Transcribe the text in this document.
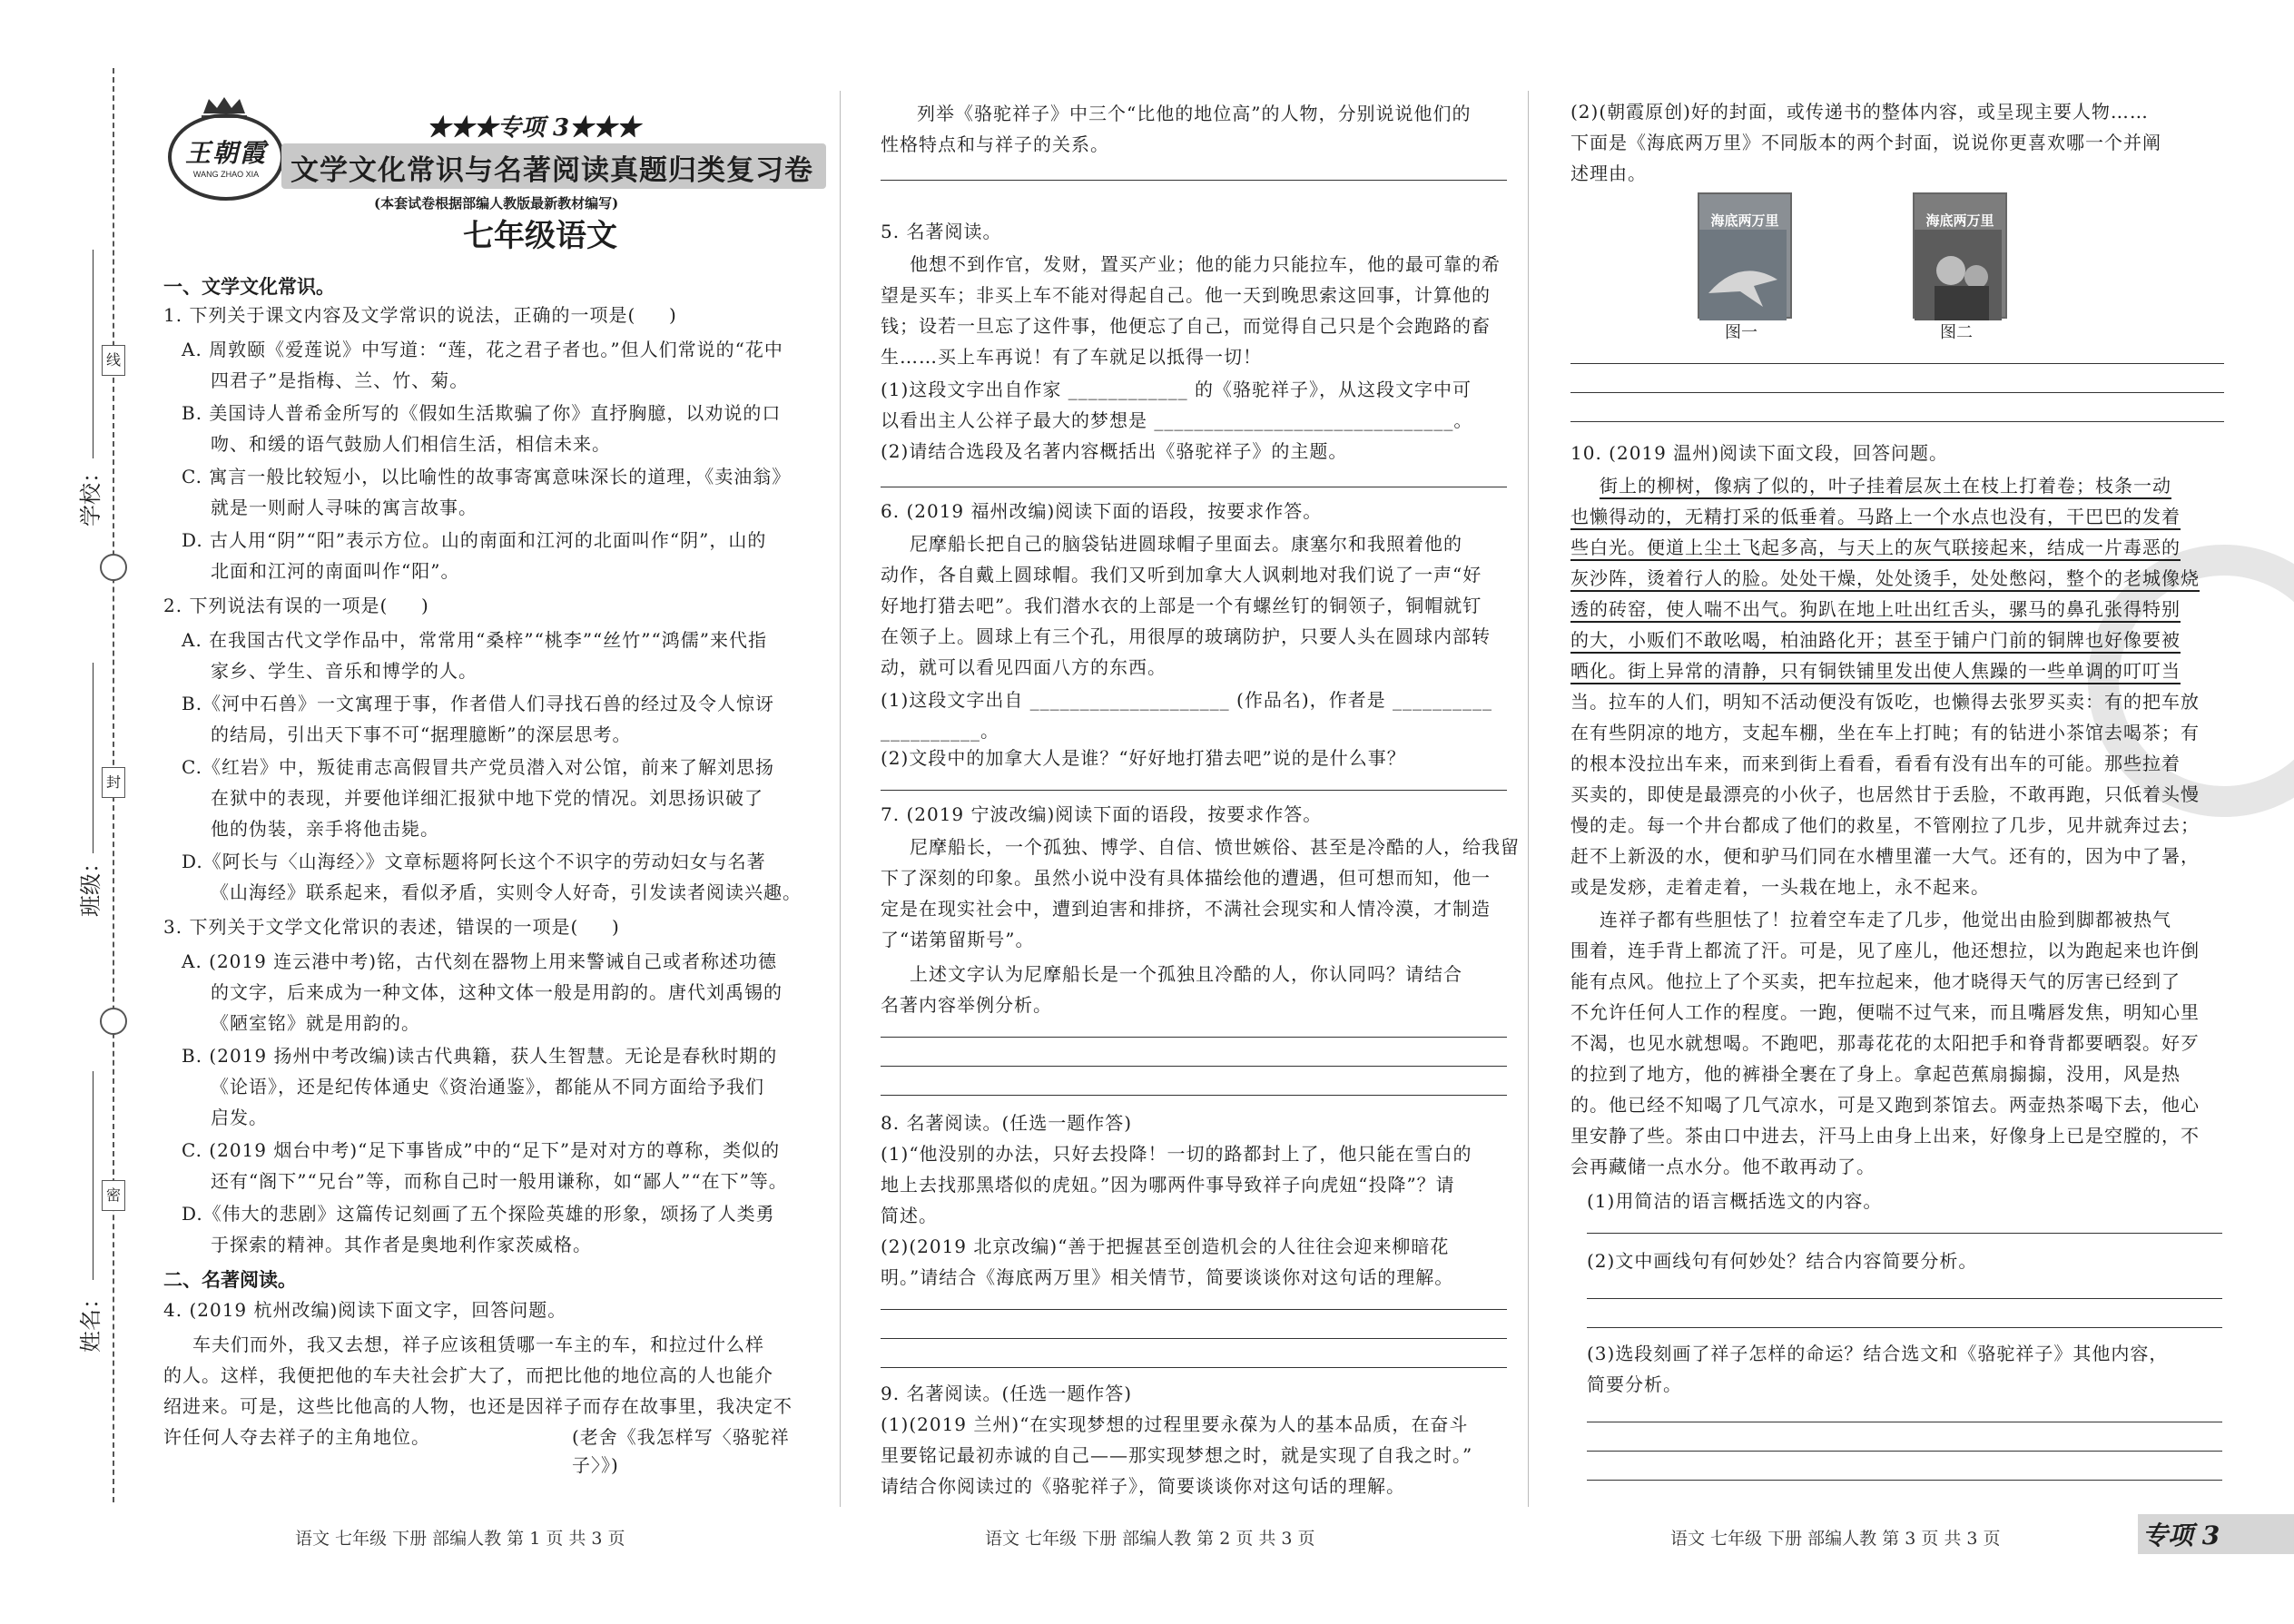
线
封
密
学校：
班级：
姓名：
王朝霞
WANG ZHAO XIA
★★★专项 3★★★
文学文化常识与名著阅读真题归类复习卷
(本套试卷根据部编人教版最新教材编写)
七年级语文
一、文学文化常识。
1. 下列关于课文内容及文学常识的说法，正确的一项是(     )
A. 周敦颐《爱莲说》中写道：“莲，花之君子者也。”但人们常说的“花中
四君子”是指梅、兰、竹、菊。
B. 美国诗人普希金所写的《假如生活欺骗了你》直抒胸臆，以劝说的口
吻、和缓的语气鼓励人们相信生活，相信未来。
C. 寓言一般比较短小，以比喻性的故事寄寓意味深长的道理，《卖油翁》
就是一则耐人寻味的寓言故事。
D. 古人用“阴”“阳”表示方位。山的南面和江河的北面叫作“阴”，山的
北面和江河的南面叫作“阳”。
2. 下列说法有误的一项是(     )
A. 在我国古代文学作品中，常常用“桑梓”“桃李”“丝竹”“鸿儒”来代指
家乡、学生、音乐和博学的人。
B.《河中石兽》一文寓理于事，作者借人们寻找石兽的经过及令人惊讶
的结局，引出天下事不可“据理臆断”的深层思考。
C.《红岩》中，叛徒甫志高假冒共产党员潜入对公馆，前来了解刘思扬
在狱中的表现，并要他详细汇报狱中地下党的情况。刘思扬识破了
他的伪装，亲手将他击毙。
D.《阿长与〈山海经〉》文章标题将阿长这个不识字的劳动妇女与名著
《山海经》联系起来，看似矛盾，实则令人好奇，引发读者阅读兴趣。
3. 下列关于文学文化常识的表述，错误的一项是(     )
A. (2019 连云港中考)铭，古代刻在器物上用来警诫自己或者称述功德
的文字，后来成为一种文体，这种文体一般是用韵的。唐代刘禹锡的
《陋室铭》就是用韵的。
B. (2019 扬州中考改编)读古代典籍，获人生智慧。无论是春秋时期的
《论语》，还是纪传体通史《资治通鉴》，都能从不同方面给予我们
启发。
C. (2019 烟台中考)“足下事皆成”中的“足下”是对对方的尊称，类似的
还有“阁下”“兄台”等，而称自己时一般用谦称，如“鄙人”“在下”等。
D.《伟大的悲剧》这篇传记刻画了五个探险英雄的形象，颂扬了人类勇
于探索的精神。其作者是奥地利作家茨威格。
二、名著阅读。
4. (2019 杭州改编)阅读下面文字，回答问题。
车夫们而外，我又去想，祥子应该租赁哪一车主的车，和拉过什么样
的人。这样，我便把他的车夫社会扩大了，而把比他的地位高的人也能介
绍进来。可是，这些比他高的人物，也还是因祥子而存在故事里，我决定不
许任何人夺去祥子的主角地位。	(老舍《我怎样写〈骆驼祥子〉》)
语文 七年级 下册 部编人教 第 1 页 共 3 页
列举《骆驼祥子》中三个“比他的地位高”的人物，分别说说他们的
性格特点和与祥子的关系。
5. 名著阅读。
他想不到作官，发财，置买产业；他的能力只能拉车，他的最可靠的希
望是买车；非买上车不能对得起自己。他一天到晚思索这回事，计算他的
钱；设若一旦忘了这件事，他便忘了自己，而觉得自己只是个会跑路的畜
生……买上车再说！有了车就足以抵得一切！
(1)这段文字出自作家 ____________ 的《骆驼祥子》，从这段文字中可
以看出主人公祥子最大的梦想是 ______________________________。
(2)请结合选段及名著内容概括出《骆驼祥子》的主题。
6. (2019 福州改编)阅读下面的语段，按要求作答。
尼摩船长把自己的脑袋钻进圆球帽子里面去。康塞尔和我照着他的
动作，各自戴上圆球帽。我们又听到加拿大人讽刺地对我们说了一声“好
好地打猎去吧”。我们潜水衣的上部是一个有螺丝钉的铜领子，铜帽就钉
在领子上。圆球上有三个孔，用很厚的玻璃防护，只要人头在圆球内部转
动，就可以看见四面八方的东西。
(1)这段文字出自 ____________________ (作品名)，作者是 __________
__________。
(2)文段中的加拿大人是谁？“好好地打猎去吧”说的是什么事？
7. (2019 宁波改编)阅读下面的语段，按要求作答。
尼摩船长，一个孤独、博学、自信、愤世嫉俗、甚至是冷酷的人，给我留
下了深刻的印象。虽然小说中没有具体描绘他的遭遇，但可想而知，他一
定是在现实社会中，遭到迫害和排挤，不满社会现实和人情冷漠，才制造
了“诺第留斯号”。
上述文字认为尼摩船长是一个孤独且冷酷的人，你认同吗？请结合
名著内容举例分析。
8. 名著阅读。(任选一题作答)
(1)“他没别的办法，只好去投降！一切的路都封上了，他只能在雪白的
地上去找那黑塔似的虎妞。”因为哪两件事导致祥子向虎妞“投降”？请
简述。
(2)(2019 北京改编)“善于把握甚至创造机会的人往往会迎来柳暗花
明。”请结合《海底两万里》相关情节，简要谈谈你对这句话的理解。
9. 名著阅读。(任选一题作答)
(1)(2019 兰州)“在实现梦想的过程里要永葆为人的基本品质，在奋斗
里要铭记最初赤诚的自己——那实现梦想之时，就是实现了自我之时。”
请结合你阅读过的《骆驼祥子》，简要谈谈你对这句话的理解。
语文 七年级 下册 部编人教 第 2 页 共 3 页
(2)(朝霞原创)好的封面，或传递书的整体内容，或呈现主要人物……
下面是《海底两万里》不同版本的两个封面，说说你更喜欢哪一个并阐
述理由。
海底两万里
图一
海底两万里
图二
10. (2019 温州)阅读下面文段，回答问题。
街上的柳树，像病了似的，叶子挂着层灰土在枝上打着卷；枝条一动
也懒得动的，无精打采的低垂着。马路上一个水点也没有，干巴巴的发着
些白光。便道上尘土飞起多高，与天上的灰气联接起来，结成一片毒恶的
灰沙阵，烫着行人的脸。处处干燥，处处烫手，处处憋闷，整个的老城像烧
透的砖窑，使人喘不出气。狗趴在地上吐出红舌头，骡马的鼻孔张得特别
的大，小贩们不敢吆喝，柏油路化开；甚至于铺户门前的铜牌也好像要被
晒化。街上异常的清静，只有铜铁铺里发出使人焦躁的一些单调的叮叮当
当。拉车的人们，明知不活动便没有饭吃，也懒得去张罗买卖：有的把车放
在有些阴凉的地方，支起车棚，坐在车上打盹；有的钻进小茶馆去喝茶；有
的根本没拉出车来，而来到街上看看，看看有没有出车的可能。那些拉着
买卖的，即使是最漂亮的小伙子，也居然甘于丢脸，不敢再跑，只低着头慢
慢的走。每一个井台都成了他们的救星，不管刚拉了几步，见井就奔过去；
赶不上新汲的水，便和驴马们同在水槽里灌一大气。还有的，因为中了暑，
或是发痧，走着走着，一头栽在地上，永不起来。
连祥子都有些胆怯了！拉着空车走了几步，他觉出由脸到脚都被热气
围着，连手背上都流了汗。可是，见了座儿，他还想拉，以为跑起来也许倒
能有点风。他拉上了个买卖，把车拉起来，他才晓得天气的厉害已经到了
不允许任何人工作的程度。一跑，便喘不过气来，而且嘴唇发焦，明知心里
不渴，也见水就想喝。不跑吧，那毒花花的太阳把手和脊背都要晒裂。好歹
的拉到了地方，他的裤褂全裹在了身上。拿起芭蕉扇搧搧，没用，风是热
的。他已经不知喝了几气凉水，可是又跑到茶馆去。两壶热茶喝下去，他心
里安静了些。茶由口中进去，汗马上由身上出来，好像身上已是空膛的，不
会再藏储一点水分。他不敢再动了。
(1)用简洁的语言概括选文的内容。
(2)文中画线句有何妙处？结合内容简要分析。
(3)选段刻画了祥子怎样的命运？结合选文和《骆驼祥子》其他内容，
简要分析。
语文 七年级 下册 部编人教 第 3 页 共 3 页	专项 3
